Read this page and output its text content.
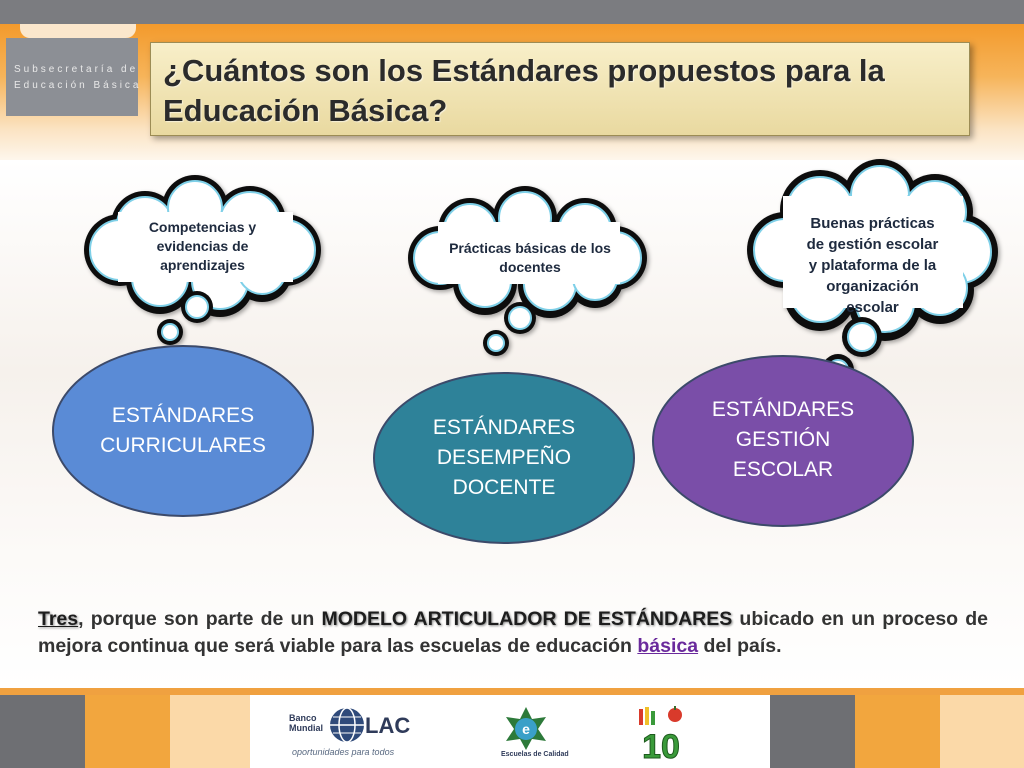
Subsecretaría de
Educación Básica ¿Cuántos son los Estándares propuestos para la
Educación Básica?
Competencias y
evidencias de
aprendizajes
Prácticas básicas de los
docentes
Buenas prácticas
de gestión escolar
y plataforma de la
organización
escolar
ESTÁNDARES
CURRICULARES
ESTÁNDARES
DESEMPEÑO
DOCENTE
ESTÁNDARES
GESTIÓN
ESCOLAR
Tres, porque son parte de un MODELO ARTICULADOR DE ESTÁNDARES ubicado en un proceso de mejora continua que será viable para las escuelas de educación básica del país.
Banco
Mundial LAC
oportunidades para todos
e
Escuelas de Calidad 10
